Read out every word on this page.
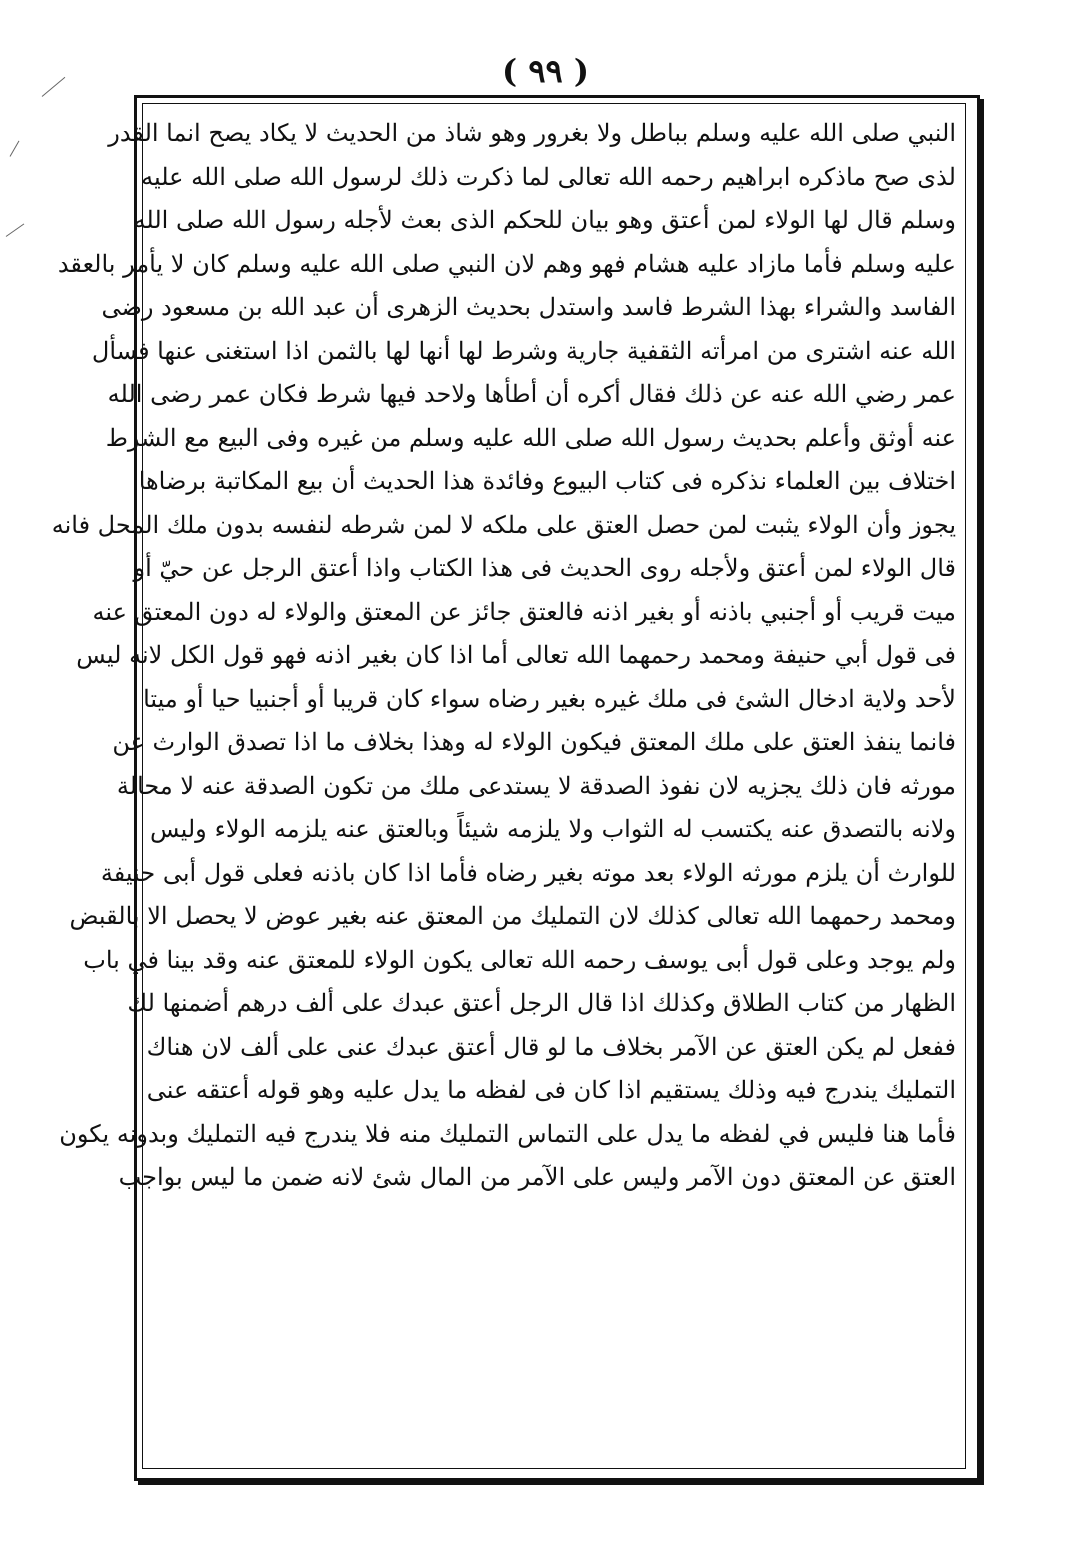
( ٩٩ )
النبي صلى الله عليه وسلم بباطل ولا بغرور وهو شاذ من الحديث لا يكاد يصح انما القدر
لذى صح ماذكره ابراهيم رحمه الله تعالى لما ذكرت ذلك لرسول الله صلى الله عليه
وسلم قال لها الولاء لمن أعتق وهو بيان للحكم الذى بعث لأجله رسول الله صلى الله
عليه وسلم فأما مازاد عليه هشام فهو وهم لان النبي صلى الله عليه وسلم كان لا يأمر بالعقد
الفاسد والشراء بهذا الشرط فاسد واستدل بحديث الزهرى أن عبد الله بن مسعود رضى
الله عنه اشترى من امرأته الثقفية جارية وشرط لها أنها لها بالثمن اذا استغنى عنها فسأل
عمر رضي الله عنه عن ذلك فقال أكره أن أطأها ولاحد فيها شرط فكان عمر رضى الله
عنه أوثق وأعلم بحديث رسول الله صلى الله عليه وسلم من غيره وفى البيع مع الشرط
اختلاف بين العلماء نذكره فى كتاب البيوع وفائدة هذا الحديث أن بيع المكاتبة برضاها
يجوز وأن الولاء يثبت لمن حصل العتق على ملكه لا لمن شرطه لنفسه بدون ملك المحل فانه
قال الولاء لمن أعتق ولأجله روى الحديث فى هذا الكتاب واذا أعتق الرجل عن حيّ أو
ميت قريب أو أجنبي باذنه أو بغير اذنه فالعتق جائز عن المعتق والولاء له دون المعتق عنه
فى قول أبي حنيفة ومحمد رحمهما الله تعالى أما اذا كان بغير اذنه فهو قول الكل لانه ليس
لأحد ولاية ادخال الشئ فى ملك غيره بغير رضاه سواء كان قريبا أو أجنبيا حيا أو ميتا
فانما ينفذ العتق على ملك المعتق فيكون الولاء له وهذا بخلاف ما اذا تصدق الوارث عن
مورثه فان ذلك يجزيه لان نفوذ الصدقة لا يستدعى ملك من تكون الصدقة عنه لا محالة
ولانه بالتصدق عنه يكتسب له الثواب ولا يلزمه شيئاً وبالعتق عنه يلزمه الولاء وليس
للوارث أن يلزم مورثه الولاء بعد موته بغير رضاه فأما اذا كان باذنه فعلى قول أبى حنيفة
ومحمد رحمهما الله تعالى كذلك لان التمليك من المعتق عنه بغير عوض لا يحصل الا بالقبض
ولم يوجد وعلى قول أبى يوسف رحمه الله تعالى يكون الولاء للمعتق عنه وقد بينا في باب
الظهار من كتاب الطلاق وكذلك اذا قال الرجل أعتق عبدك على ألف درهم أضمنها لك
ففعل لم يكن العتق عن الآمر بخلاف ما لو قال أعتق عبدك عنى على ألف لان هناك
التمليك يندرج فيه وذلك يستقيم اذا كان فى لفظه ما يدل عليه وهو قوله أعتقه عنى
فأما هنا فليس في لفظه ما يدل على التماس التمليك منه فلا يندرج فيه التمليك وبدونه يكون
العتق عن المعتق دون الآمر وليس على الآمر من المال شئ لانه ضمن ما ليس بواجب
